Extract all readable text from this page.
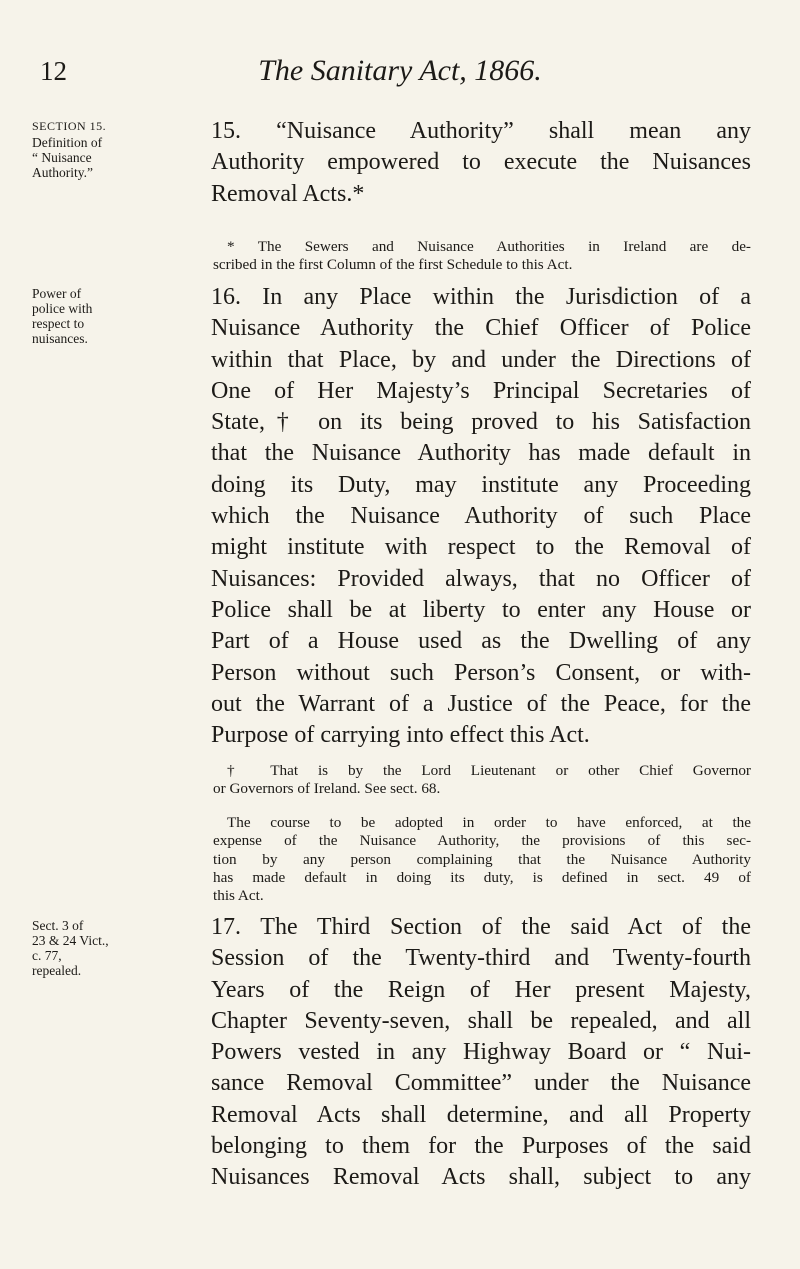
12	The Sanitary Act, 1866.
SECTION 15.
Definition of
“ Nuisance
Authority.”
15. “Nuisance Authority” shall mean any
Authority empowered to execute the Nuisances
Removal Acts.*
* The Sewers and Nuisance Authorities in Ireland are de-
scribed in the first Column of the first Schedule to this Act.
Power of
police with
respect to
nuisances.
16. In any Place within the Jurisdiction of a
Nuisance Authority the Chief Officer of Police
within that Place, by and under the Directions of
One of Her Majesty’s Principal Secretaries of
State,† on its being proved to his Satisfaction
that the Nuisance Authority has made default in
doing its Duty, may institute any Proceeding
which the Nuisance Authority of such Place
might institute with respect to the Removal of
Nuisances: Provided always, that no Officer of
Police shall be at liberty to enter any House or
Part of a House used as the Dwelling of any
Person without such Person’s Consent, or with-
out the Warrant of a Justice of the Peace, for the
Purpose of carrying into effect this Act.
† That is by the Lord Lieutenant or other Chief Governor
or Governors of Ireland. See sect. 68.
The course to be adopted in order to have enforced, at the
expense of the Nuisance Authority, the provisions of this sec-
tion by any person complaining that the Nuisance Authority
has made default in doing its duty, is defined in sect. 49 of
this Act.
Sect. 3 of
23 & 24 Vict.,
c. 77,
repealed.
17. The Third Section of the said Act of the
Session of the Twenty-third and Twenty-fourth
Years of the Reign of Her present Majesty,
Chapter Seventy-seven, shall be repealed, and all
Powers vested in any Highway Board or “ Nui-
sance Removal Committee” under the Nuisance
Removal Acts shall determine, and all Property
belonging to them for the Purposes of the said
Nuisances Removal Acts shall, subject to any
